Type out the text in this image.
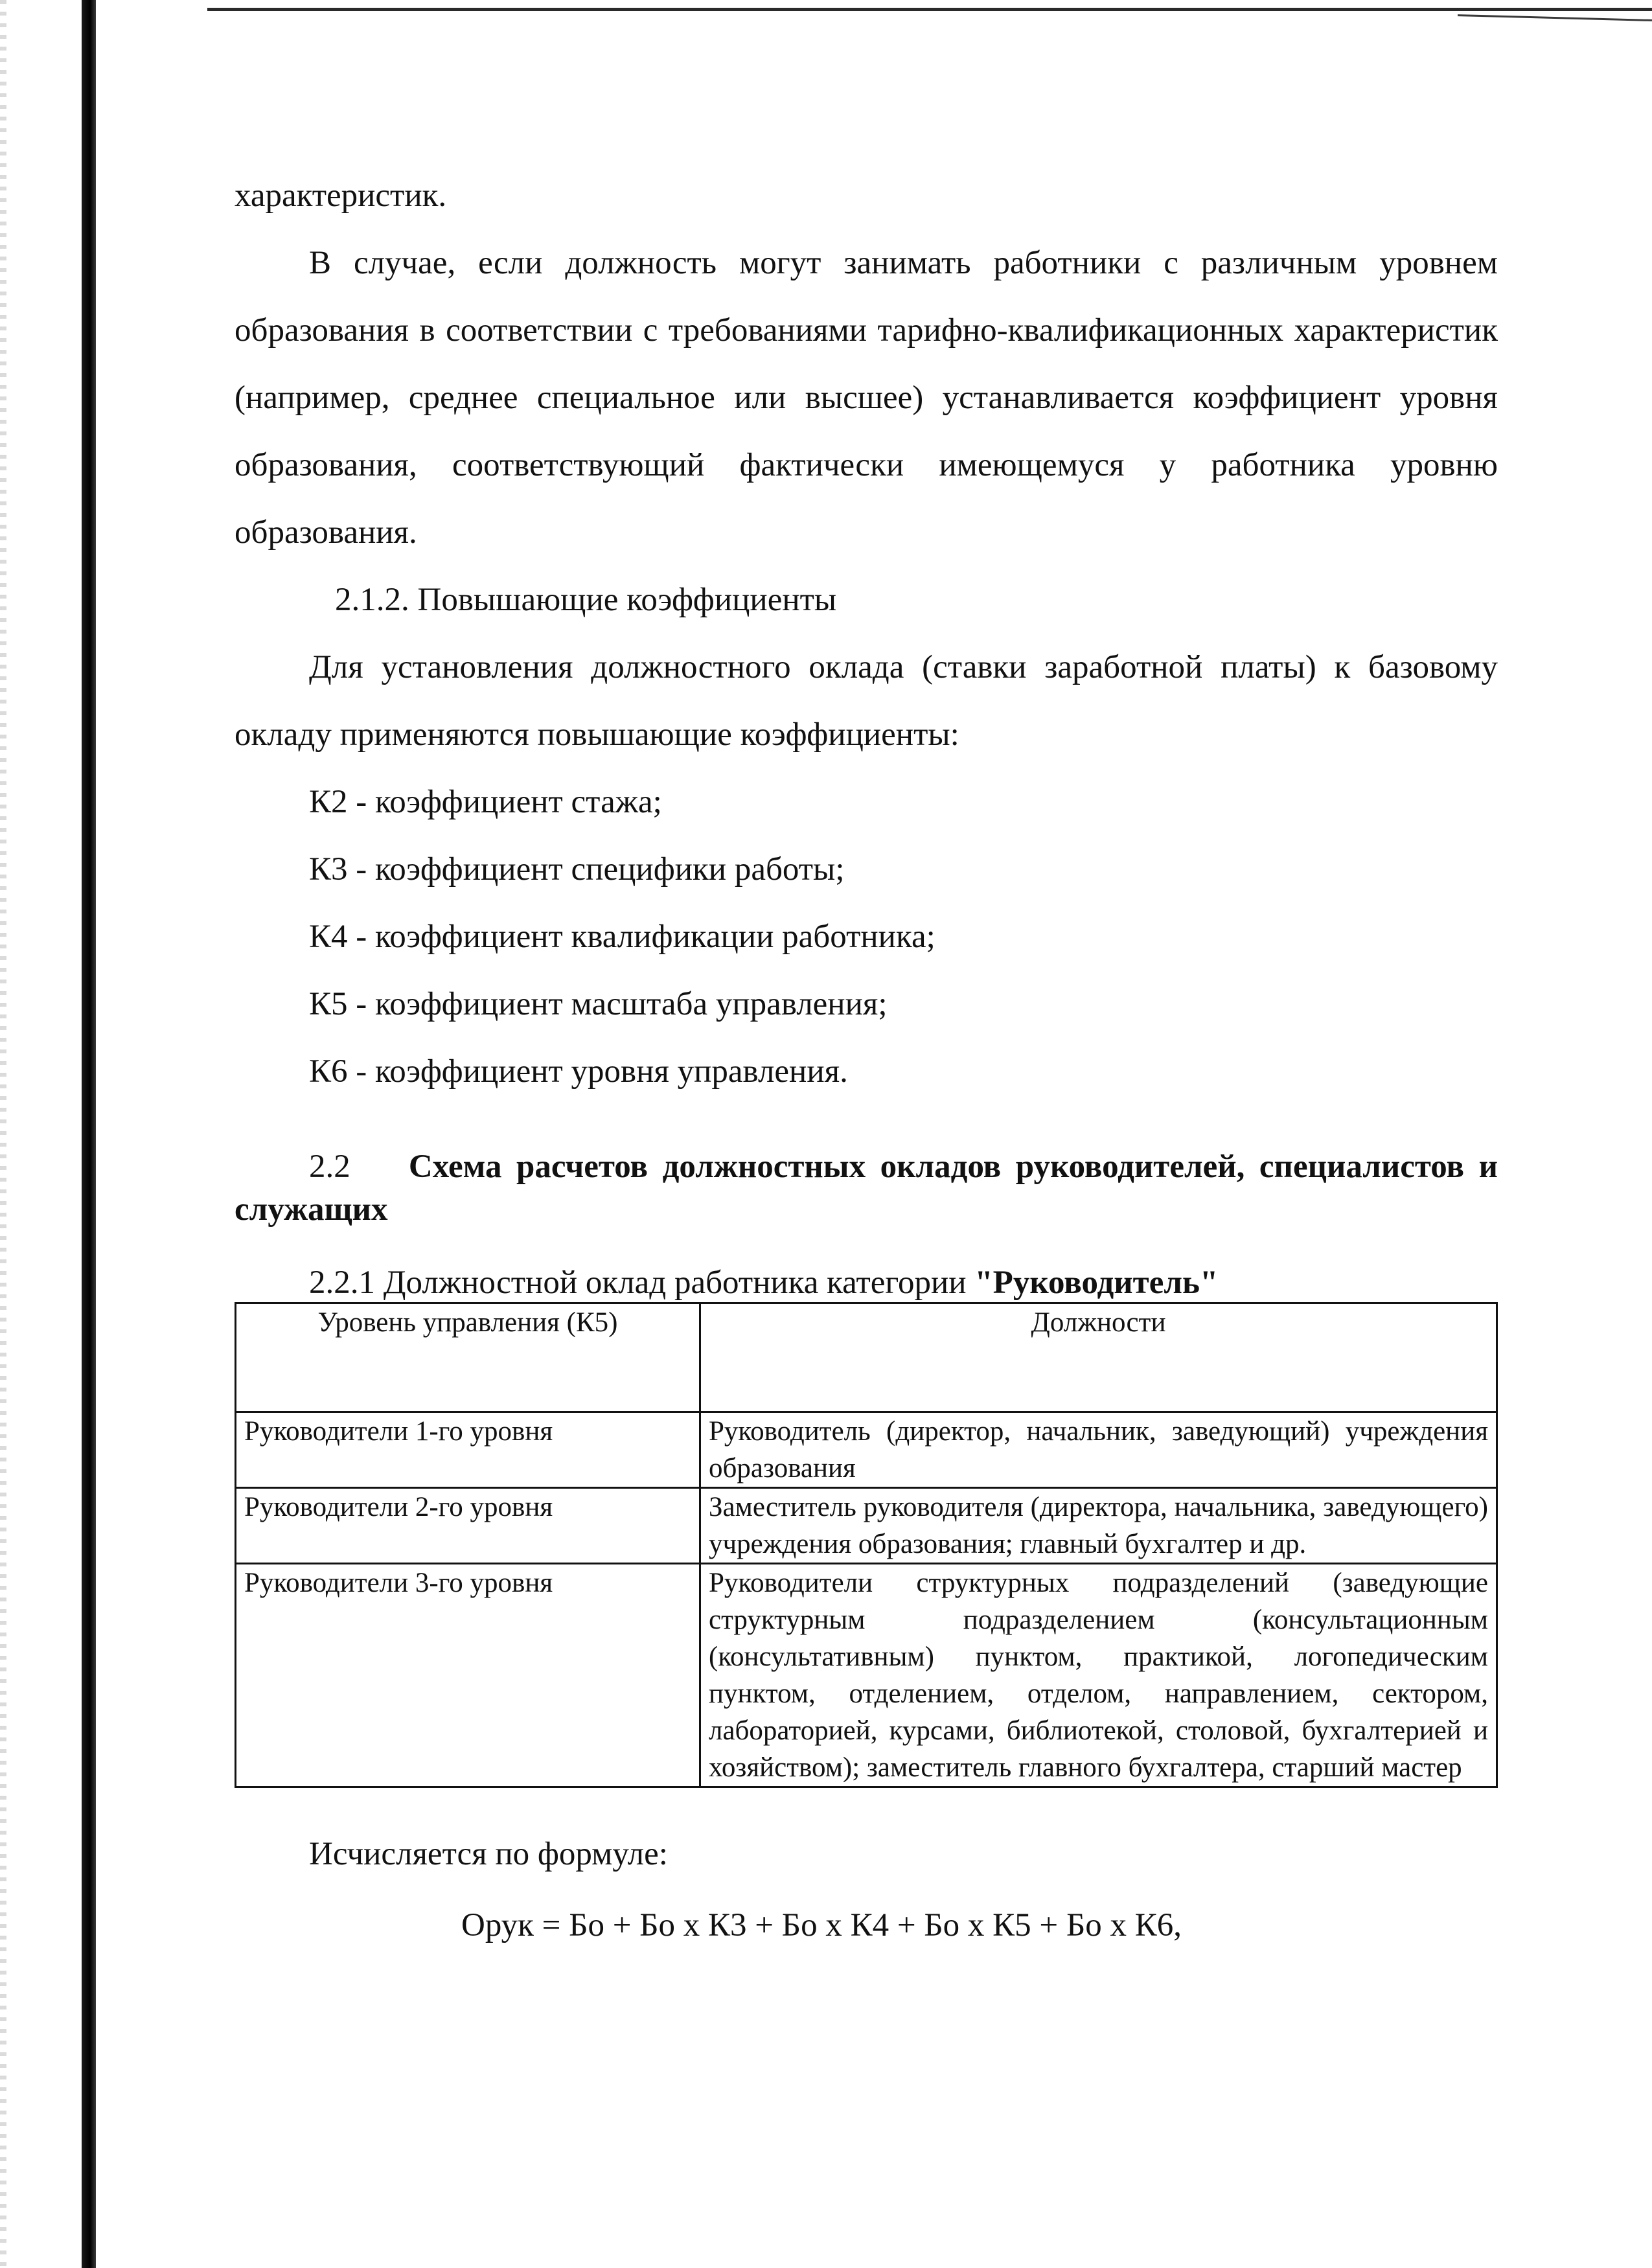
характеристик.

В случае, если должность могут занимать работники с различным уровнем образования в соответствии с требованиями тарифно-квалификационных характеристик (например, среднее специальное или высшее) устанавливается коэффициент уровня образования, соответствующий фактически имеющемуся у работника уровню образования.

2.1.2. Повышающие коэффициенты

Для установления должностного оклада (ставки заработной платы) к базовому окладу применяются повышающие коэффициенты:

К2 - коэффициент стажа;

К3 - коэффициент специфики работы;

К4 - коэффициент квалификации работника;

К5 - коэффициент масштаба управления;

К6 - коэффициент уровня управления.

2.2 Схема расчетов должностных окладов руководителей, специалистов и служащих

2.2.1 Должностной оклад работника категории "Руководитель"

Уровень управления (К5)	Должности
Руководители 1-го уровня	Руководитель (директор, начальник, заведующий) учреждения образования
Руководители 2-го уровня	Заместитель руководителя (директора, начальника, заведующего) учреждения образования; главный бухгалтер и др.
Руководители 3-го уровня	Руководители структурных подразделений (заведующие структурным подразделением (консультационным (консультативным) пунктом, практикой, логопедическим пунктом, отделением, отделом, направлением, сектором, лабораторией, курсами, библиотекой, столовой, бухгалтерией и хозяйством); заместитель главного бухгалтера, старший мастер

Исчисляется по формуле:

Орук = Бо + Бо х К3 + Бо х К4 + Бо х К5 + Бо х К6,
